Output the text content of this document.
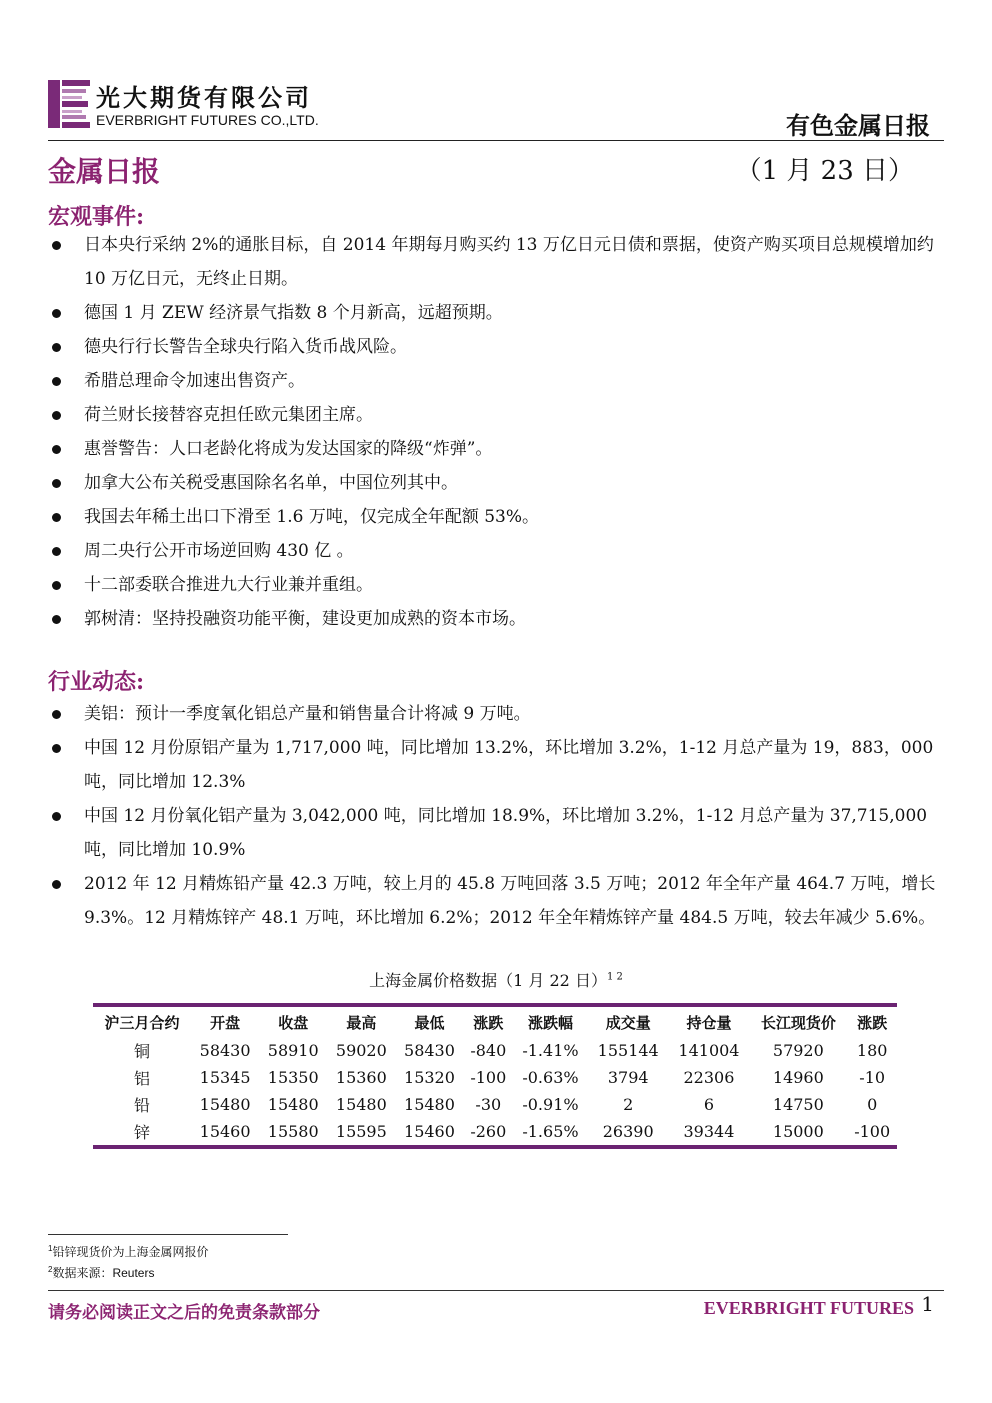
光大期货有限公司
EVERBRIGHT FUTURES CO.,LTD.	有色金属日报
金属日报	（1 月 23 日）
宏观事件:
日本央行采纳 2%的通胀目标，自 2014 年期每月购买约 13 万亿日元日债和票据，使资产购买项目总规模增加约 10 万亿日元，无终止日期。
德国 1 月 ZEW 经济景气指数 8 个月新高，远超预期。
德央行行长警告全球央行陷入货币战风险。
希腊总理命令加速出售资产。
荷兰财长接替容克担任欧元集团主席。
惠誉警告：人口老龄化将成为发达国家的降级“炸弹”。
加拿大公布关税受惠国除名名单，中国位列其中。
我国去年稀土出口下滑至 1.6 万吨，仅完成全年配额 53%。
周二央行公开市场逆回购 430 亿 。
十二部委联合推进九大行业兼并重组。
郭树清：坚持投融资功能平衡，建设更加成熟的资本市场。
行业动态:
美铝：预计一季度氧化铝总产量和销售量合计将减 9 万吨。
中国 12 月份原铝产量为 1,717,000 吨，同比增加 13.2%，环比增加 3.2%，1-12 月总产量为 19，883，000 吨，同比增加 12.3%
中国 12 月份氧化铝产量为 3,042,000 吨，同比增加 18.9%，环比增加 3.2%，1-12 月总产量为 37,715,000 吨，同比增加 10.9%
2012 年 12 月精炼铅产量 42.3 万吨，较上月的 45.8 万吨回落 3.5 万吨；2012 年全年产量 464.7 万吨，增长 9.3%。12 月精炼锌产 48.1 万吨，环比增加 6.2%；2012 年全年精炼锌产量 484.5 万吨，较去年减少 5.6%。
上海金属价格数据（1 月 22 日）$^{1 2}$
沪三月合约	开盘	收盘	最高	最低	涨跌	涨跌幅	成交量	持仓量	长江现货价	涨跌
铜	58430	58910	59020	58430	-840	-1.41%	155144	141004	57920	180
铝	15345	15350	15360	15320	-100	-0.63%	3794	22306	14960	-10
铅	15480	15480	15480	15480	-30	-0.91%	2	6	14750	0
锌	15460	15580	15595	15460	-260	-1.65%	26390	39344	15000	-100
$^1$铅锌现货价为上海金属网报价
$^2$数据来源：Reuters
请务必阅读正文之后的免责条款部分	EVERBRIGHT FUTURES 1
